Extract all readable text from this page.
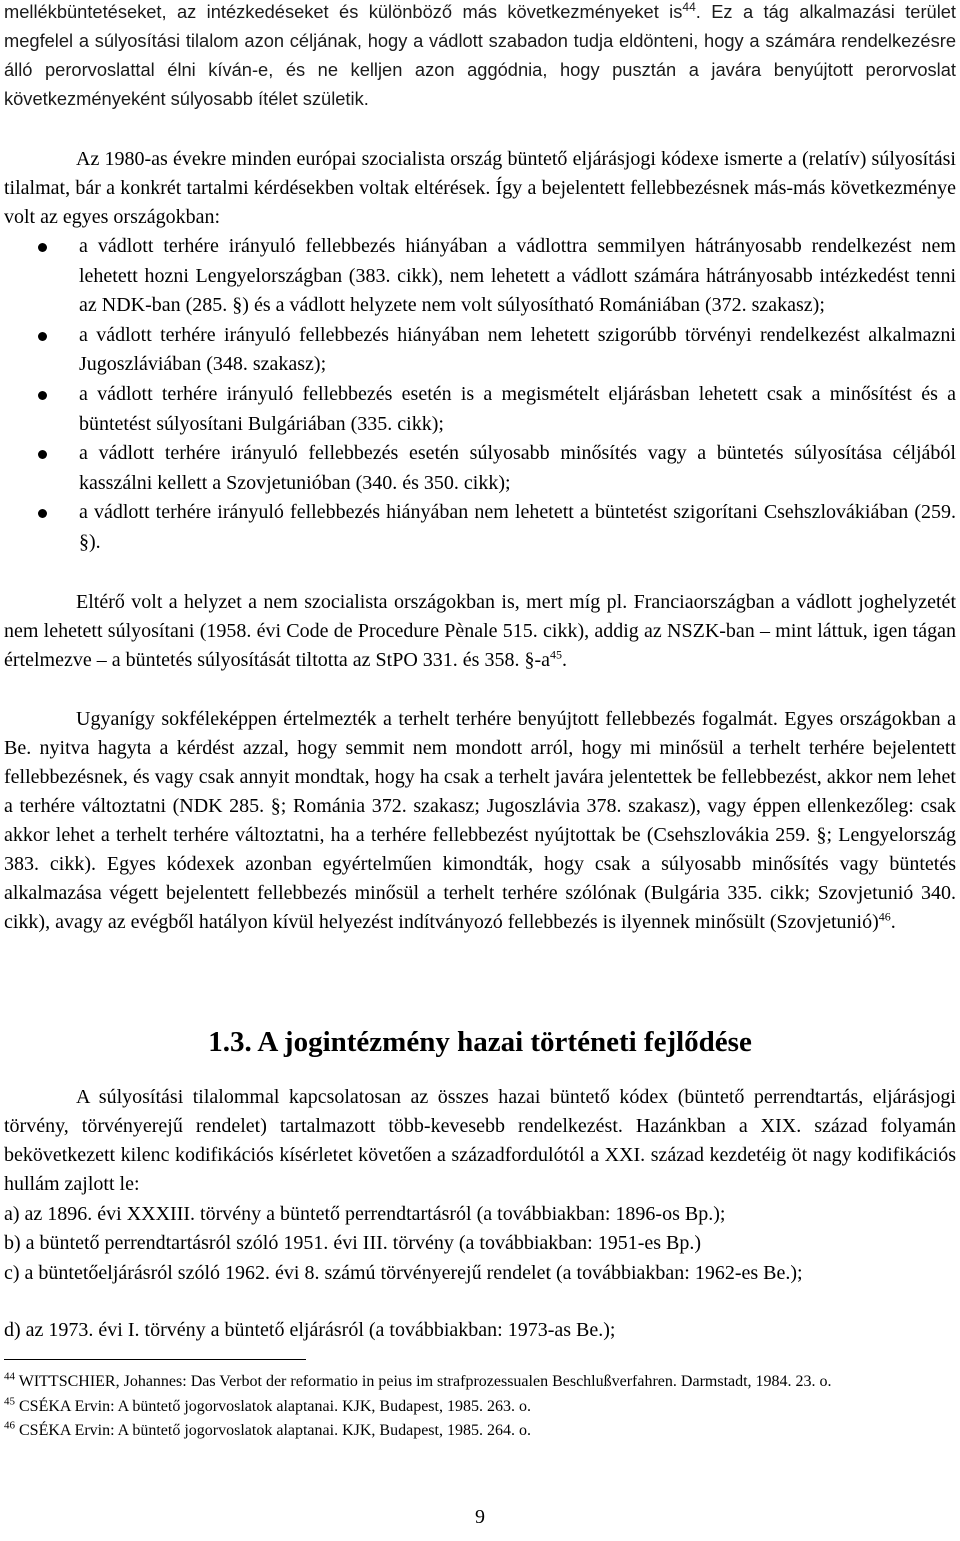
mellékbüntetéseket, az intézkedéseket és különböző más következményeket $is^{44}$. Ez a tág alkalmazási terület megfelel a súlyosítási tilalom azon céljának, hogy a vádlott szabadon tudja eldönteni, hogy a számára rendelkezésre álló perorvoslattal élni kíván-e, és ne kelljen azon aggódnia, hogy pusztán a javára benyújtott perorvoslat következményeként súlyosabb ítélet születik.

Az 1980-as évekre minden európai szocialista ország büntető eljárásjogi kódexe ismerte a (relatív) súlyosítási tilalmat, bár a konkrét tartalmi kérdésekben voltak eltérések. Így a bejelentett fellebbezésnek más-más következménye volt az egyes országokban:

a vádlott terhére irányuló fellebbezés hiányában a vádlottra semmilyen hátrányosabb rendelkezést nem lehetett hozni Lengyelországban (383. cikk), nem lehetett a vádlott számára hátrányosabb intézkedést tenni az NDK-ban (285. §) és a vádlott helyzete nem volt súlyosítható Romániában (372. szakasz);
a vádlott terhére irányuló fellebbezés hiányában nem lehetett szigorúbb törvényi rendelkezést alkalmazni Jugoszláviában (348. szakasz);
a vádlott terhére irányuló fellebbezés esetén is a megismételt eljárásban lehetett csak a minősítést és a büntetést súlyosítani Bulgáriában (335. cikk);
a vádlott terhére irányuló fellebbezés esetén súlyosabb minősítés vagy a büntetés súlyosítása céljából kasszálni kellett a Szovjetunióban (340. és 350. cikk);
a vádlott terhére irányuló fellebbezés hiányában nem lehetett a büntetést szigorítani Csehszlovákiában (259. §).

Eltérő volt a helyzet a nem szocialista országokban is, mert míg pl. Franciaországban a vádlott joghelyzetét nem lehetett súlyosítani (1958. évi Code de Procedure Pènale 515. cikk), addig az NSZK-ban – mint láttuk, igen tágan értelmezve – a büntetés súlyosítását tiltotta az StPO 331. és 358. $\S-a^{45}$.

Ugyanígy sokféleképpen értelmezték a terhelt terhére benyújtott fellebbezés fogalmát. Egyes országokban a Be. nyitva hagyta a kérdést azzal, hogy semmit nem mondott arról, hogy mi minősül a terhelt terhére bejelentett fellebbezésnek, és vagy csak annyit mondtak, hogy ha csak a terhelt javára jelentettek be fellebbezést, akkor nem lehet a terhére változtatni (NDK 285. §; Románia 372. szakasz; Jugoszlávia 378. szakasz), vagy éppen ellenkezőleg: csak akkor lehet a terhelt terhére változtatni, ha a terhére fellebbezést nyújtottak be (Csehszlovákia 259. §; Lengyelország 383. cikk). Egyes kódexek azonban egyértelműen kimondták, hogy csak a súlyosabb minősítés vagy büntetés alkalmazása végett bejelentett fellebbezés minősül a terhelt terhére szólónak (Bulgária 335. cikk; Szovjetunió 340. cikk), avagy az evégből hatályon kívül helyezést indítványozó fellebbezés is ilyennek minősült (Szovjetunió)$^{46}$.

1.3. A jogintézmény hazai történeti fejlődése

A súlyosítási tilalommal kapcsolatosan az összes hazai büntető kódex (büntető perrendtartás, eljárásjogi törvény, törvényerejű rendelet) tartalmazott több-kevesebb rendelkezést. Hazánkban a XIX. század folyamán bekövetkezett kilenc kodifikációs kísérletet követően a századfordulótól a XXI. század kezdetéig öt nagy kodifikációs hullám zajlott le:

a) az 1896. évi XXXIII. törvény a büntető perrendtartásról (a továbbiakban: 1896-os Bp.);

b) a büntető perrendtartásról szóló 1951. évi III. törvény (a továbbiakban: 1951-es Bp.)

c) a büntetőeljárásról szóló 1962. évi 8. számú törvényerejű rendelet (a továbbiakban: 1962-es Be.);

d) az 1973. évi I. törvény a büntető eljárásról (a továbbiakban: 1973-as Be.);

$^{44}$ WITTSCHIER, Johannes: Das Verbot der reformatio in peius im strafprozessualen Beschlußverfahren. Darmstadt, 1984. 23. o.
$^{45}$ CSÉKA Ervin: A büntető jogorvoslatok alaptanai. KJK, Budapest, 1985. 263. o.
$^{46}$ CSÉKA Ervin: A büntető jogorvoslatok alaptanai. KJK, Budapest, 1985. 264. o.

9
